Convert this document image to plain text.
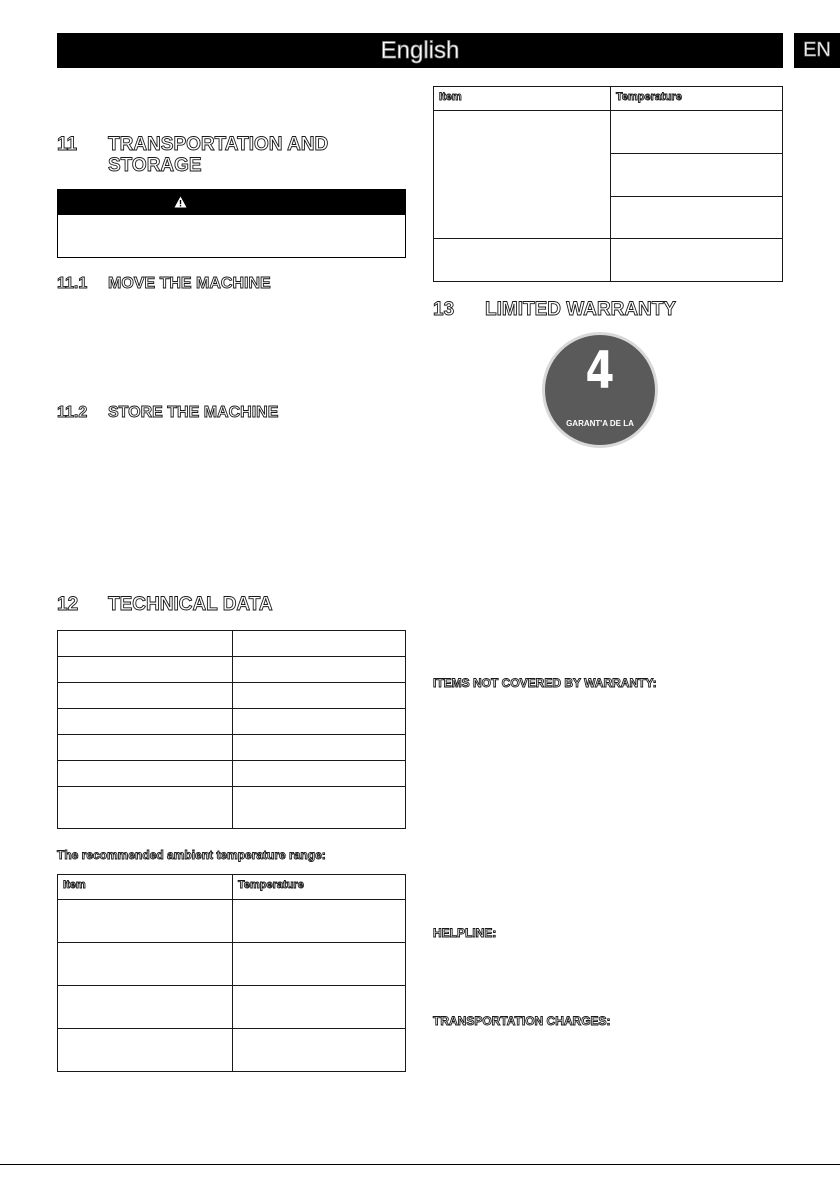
English	EN
11 TRANSPORTATION AND
STORAGE
11.1 MOVE THE MACHINE
11.2 STORE THE MACHINE
12 TECHNICAL DATA

The recommended ambient temperature range:
Item	Temperature

Item	Temperature

13 LIMITED WARRANTY
4
GARANT'A DE LA
ITEMS NOT COVERED BY WARRANTY:
HELPLINE:
TRANSPORTATION CHARGES:
